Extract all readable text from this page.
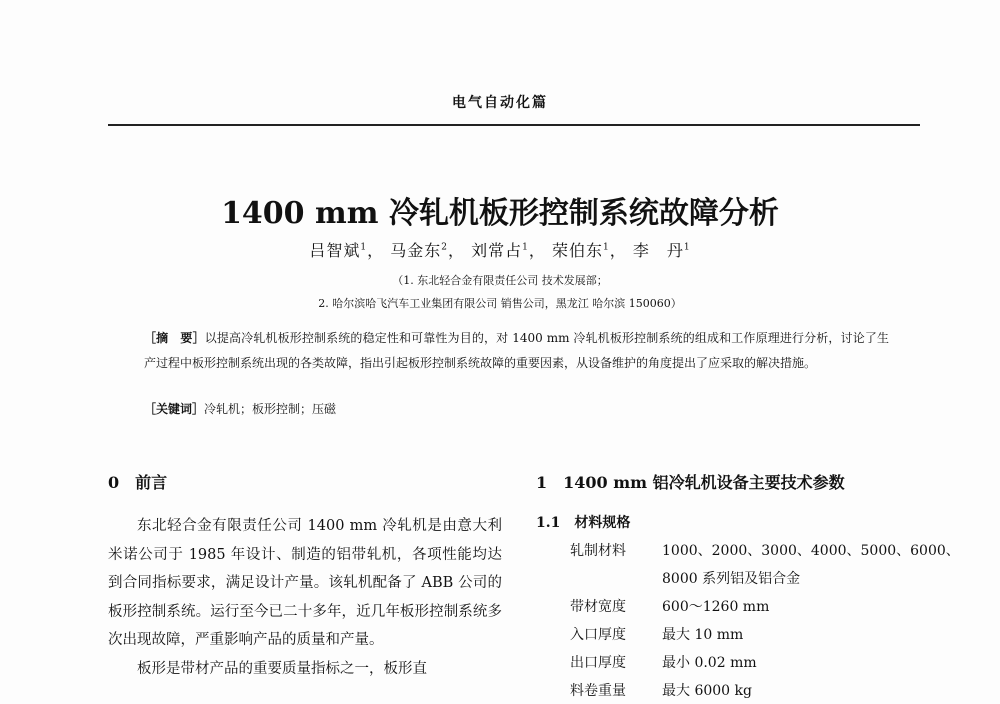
电气自动化篇
1400 mm 冷轧机板形控制系统故障分析
吕智斌$^1$， 马金东$^2$， 刘常占$^1$， 荣伯东$^1$， 李　丹$^1$
（1. 东北轻合金有限责任公司 技术发展部；
2. 哈尔滨哈飞汽车工业集团有限公司 销售公司，黑龙江 哈尔滨 150060）
［摘　要］以提高冷轧机板形控制系统的稳定性和可靠性为目的，对 1400 mm 冷轧机板形控制系统的组成和工作原理进行分析，讨论了生产过程中板形控制系统出现的各类故障，指出引起板形控制系统故障的重要因素，从设备维护的角度提出了应采取的解决措施。
［关键词］冷轧机；板形控制；压磁
0　前言
东北轻合金有限责任公司 1400 mm 冷轧机是由意大利米诺公司于 1985 年设计、制造的铝带轧机，各项性能均达到合同指标要求，满足设计产量。该轧机配备了 ABB 公司的板形控制系统。运行至今已二十多年，近几年板形控制系统多次出现故障，严重影响产品的质量和产量。
板形是带材产品的重要质量指标之一，板形直
1　1400 mm 铝冷轧机设备主要技术参数
1.1　材料规格
轧制材料	1000、2000、3000、4000、5000、6000、
	8000 系列铝及铝合金
带材宽度	600～1260 mm
入口厚度	最大 10 mm
出口厚度	最小 0.02 mm
料卷重量	最大 6000 kg
